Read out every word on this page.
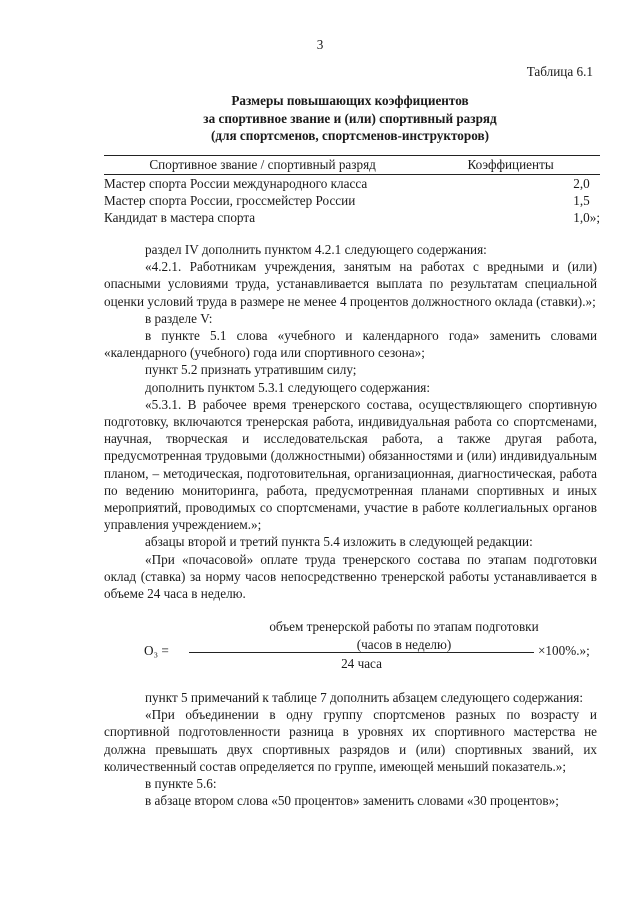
3
Таблица 6.1
Размеры повышающих коэффициентов
за спортивное звание и (или) спортивный разряд
(для спортсменов, спортсменов-инструкторов)
Спортивное звание / спортивный разряд	Коэффициенты
Мастер спорта России международного класса	2,0
Мастер спорта России, гроссмейстер России	1,5
Кандидат в мастера спорта	1,0»;

раздел IV дополнить пунктом 4.2.1 следующего содержания:

«4.2.1. Работникам учреждения, занятым на работах с вредными и (или) опасными условиями труда, устанавливается выплата по результатам специальной оценки условий труда в размере не менее 4 процентов должностного оклада (ставки).»;

в разделе V:

в пункте 5.1 слова «учебного и календарного года» заменить словами «календарного (учебного) года или спортивного сезона»;

пункт 5.2 признать утратившим силу;

дополнить пунктом 5.3.1 следующего содержания:

«5.3.1. В рабочее время тренерского состава, осуществляющего спортивную подготовку, включаются тренерская работа, индивидуальная работа со спортсменами, научная, творческая и исследовательская работа, а также другая работа, предусмотренная трудовыми (должностными) обязанностями и (или) индивидуальным планом, – методическая, подготовительная, организационная, диагностическая, работа по ведению мониторинга, работа, предусмотренная планами спортивных и иных мероприятий, проводимых со спортсменами, участие в работе коллегиальных органов управления учреждением.»;

абзацы второй и третий пункта 5.4 изложить в следующей редакции:

«При «почасовой» оплате труда тренерского состава по этапам подготовки оклад (ставка) за норму часов непосредственно тренерской работы устанавливается в объеме 24 часа в неделю.

О₃ =
объем тренерской работы по этапам подготовки
(часов в неделю)
24 часа
×100%.»;

пункт 5 примечаний к таблице 7 дополнить абзацем следующего содержания:

«При объединении в одну группу спортсменов разных по возрасту и спортивной подготовленности разница в уровнях их спортивного мастерства не должна превышать двух спортивных разрядов и (или) спортивных званий, их количественный состав определяется по группе, имеющей меньший показатель.»;

в пункте 5.6:

в абзаце втором слова «50 процентов» заменить словами «30 процентов»;
